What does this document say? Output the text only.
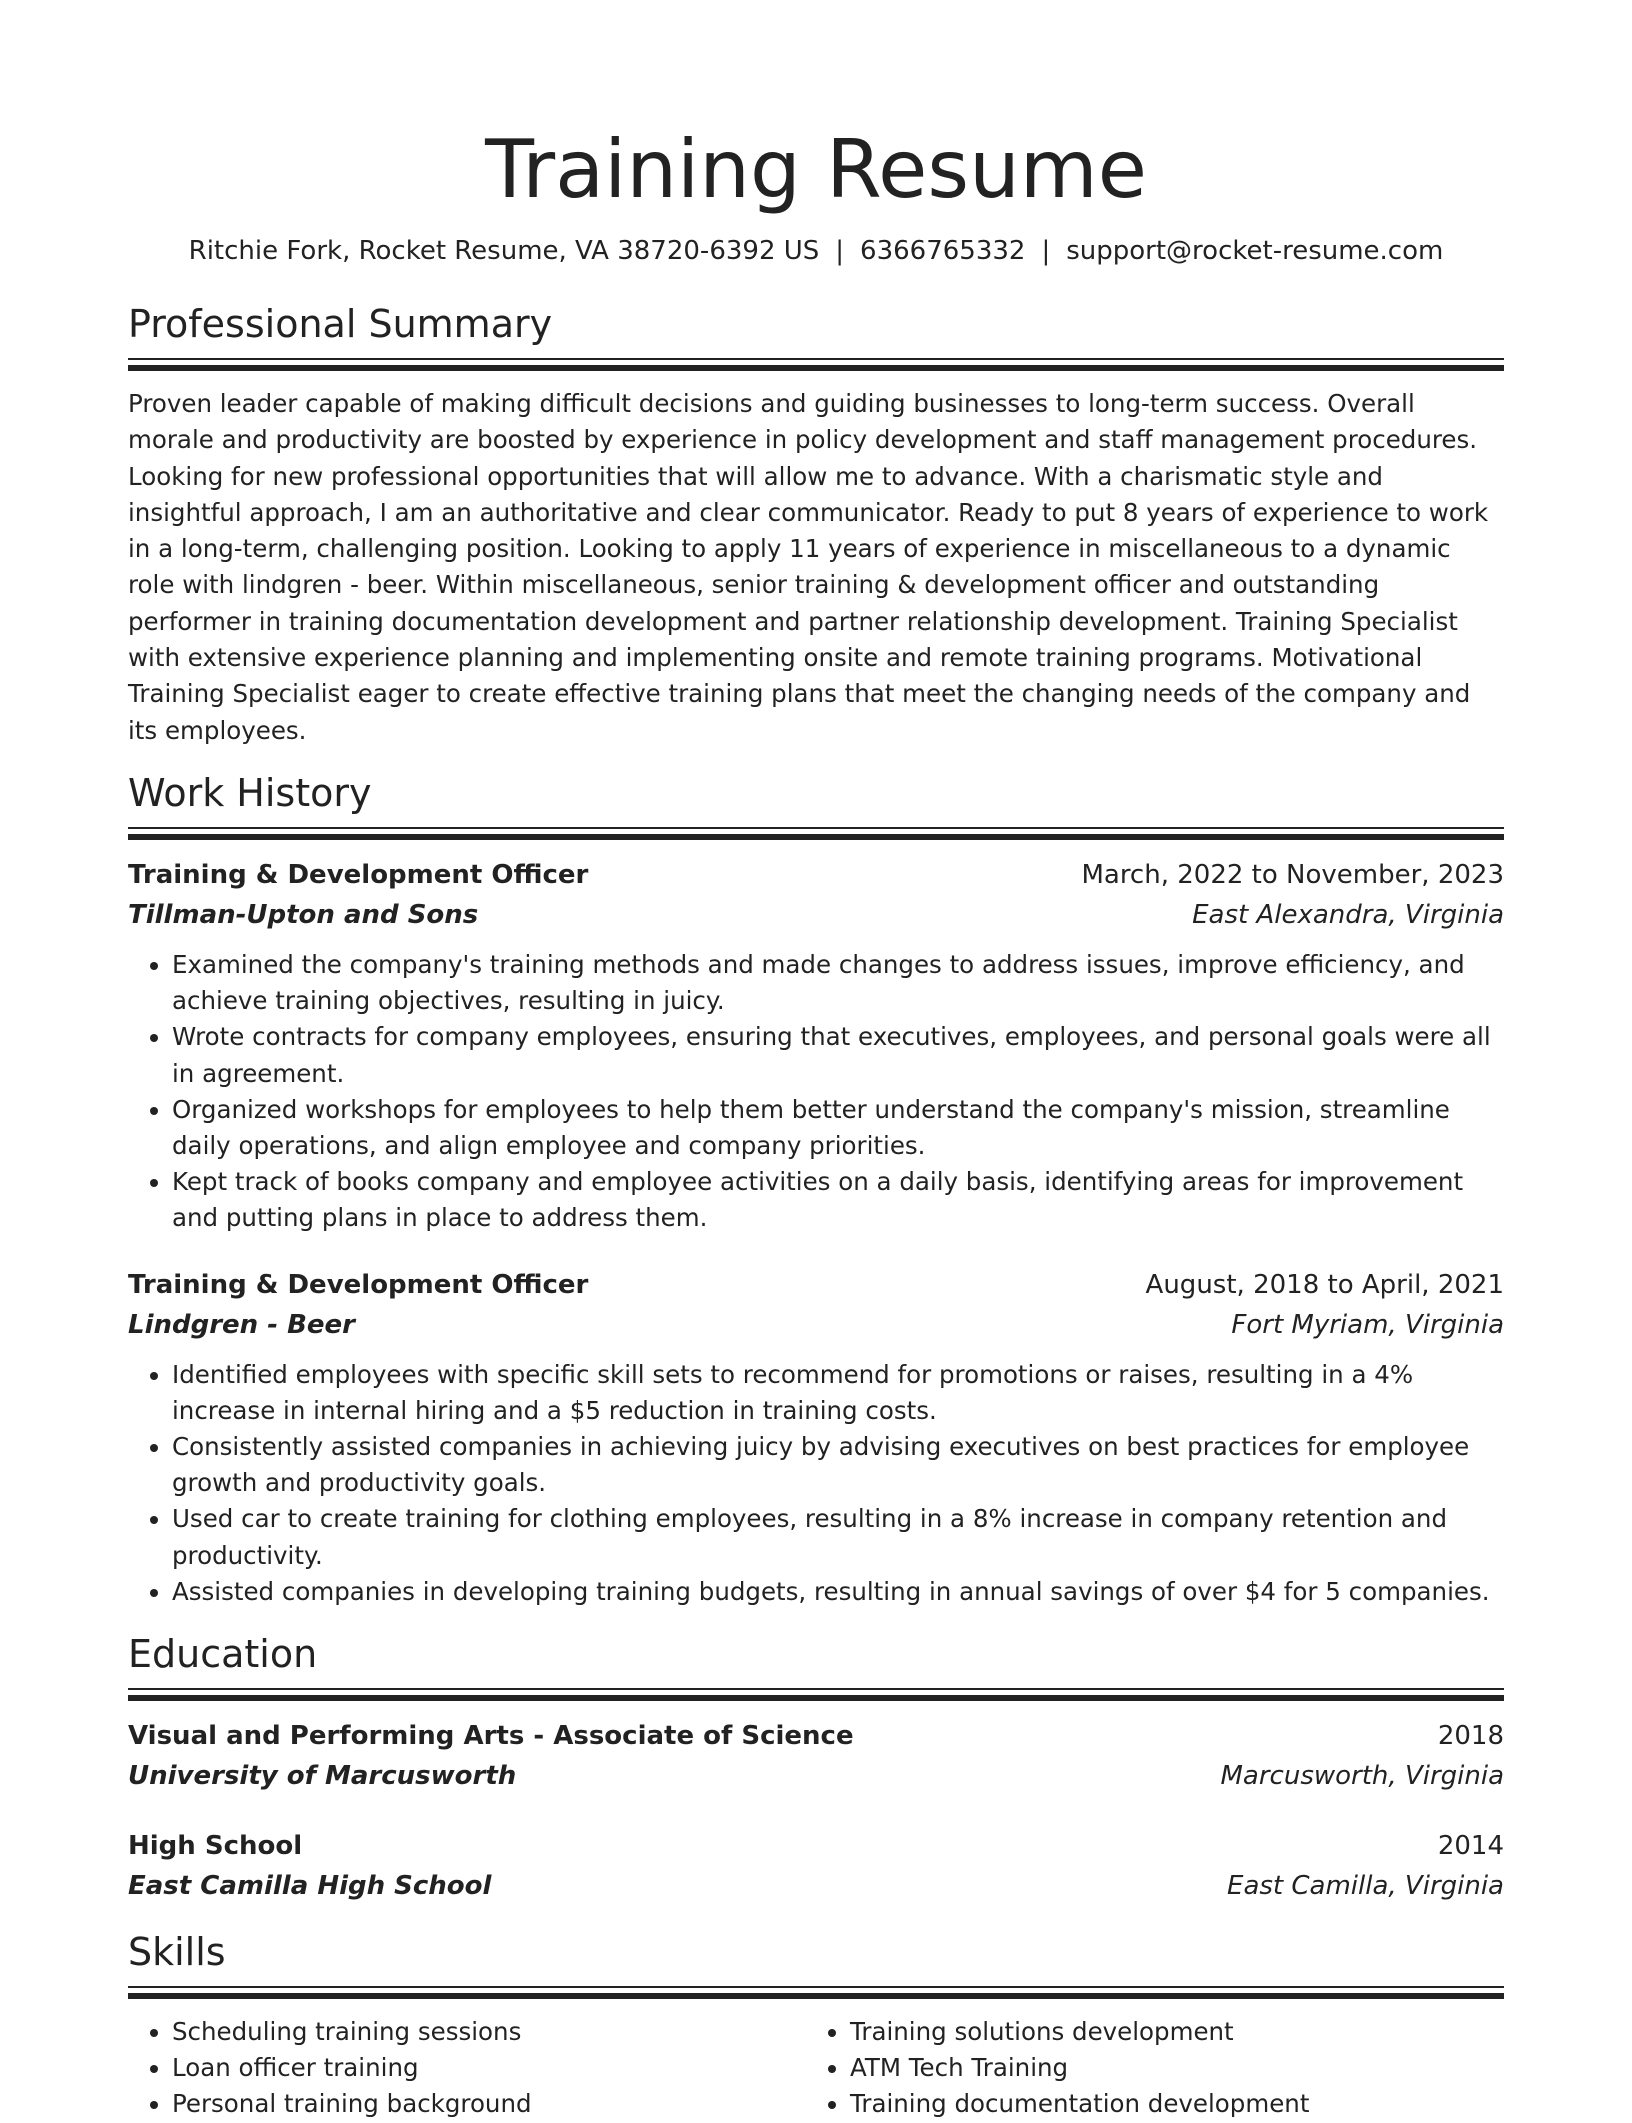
Training Resume
Ritchie Fork, Rocket Resume, VA 38720-6392 US | 6366765332 | support@rocket-resume.com
Professional Summary
Proven leader capable of making difficult decisions and guiding businesses to long-term success. Overall morale and productivity are boosted by experience in policy development and staff management procedures. Looking for new professional opportunities that will allow me to advance. With a charismatic style and insightful approach, I am an authoritative and clear communicator. Ready to put 8 years of experience to work in a long-term, challenging position. Looking to apply 11 years of experience in miscellaneous to a dynamic role with lindgren - beer. Within miscellaneous, senior training & development officer and outstanding performer in training documentation development and partner relationship development. Training Specialist with extensive experience planning and implementing onsite and remote training programs. Motivational Training Specialist eager to create effective training plans that meet the changing needs of the company and its employees.
Work History
Training & Development Officer	March, 2022 to November, 2023
Tillman-Upton and Sons	East Alexandra, Virginia
• Examined the company's training methods and made changes to address issues, improve efficiency, and achieve training objectives, resulting in juicy.
• Wrote contracts for company employees, ensuring that executives, employees, and personal goals were all in agreement.
• Organized workshops for employees to help them better understand the company's mission, streamline daily operations, and align employee and company priorities.
• Kept track of books company and employee activities on a daily basis, identifying areas for improvement and putting plans in place to address them.
Training & Development Officer	August, 2018 to April, 2021
Lindgren - Beer	Fort Myriam, Virginia
• Identified employees with specific skill sets to recommend for promotions or raises, resulting in a 4% increase in internal hiring and a $5 reduction in training costs.
• Consistently assisted companies in achieving juicy by advising executives on best practices for employee growth and productivity goals.
• Used car to create training for clothing employees, resulting in a 8% increase in company retention and productivity.
• Assisted companies in developing training budgets, resulting in annual savings of over $4 for 5 companies.
Education
Visual and Performing Arts - Associate of Science	2018
University of Marcusworth	Marcusworth, Virginia
High School	2014
East Camilla High School	East Camilla, Virginia
Skills
• Scheduling training sessions
• Loan officer training
• Personal training background
• Training solutions development
• ATM Tech Training
• Training documentation development
